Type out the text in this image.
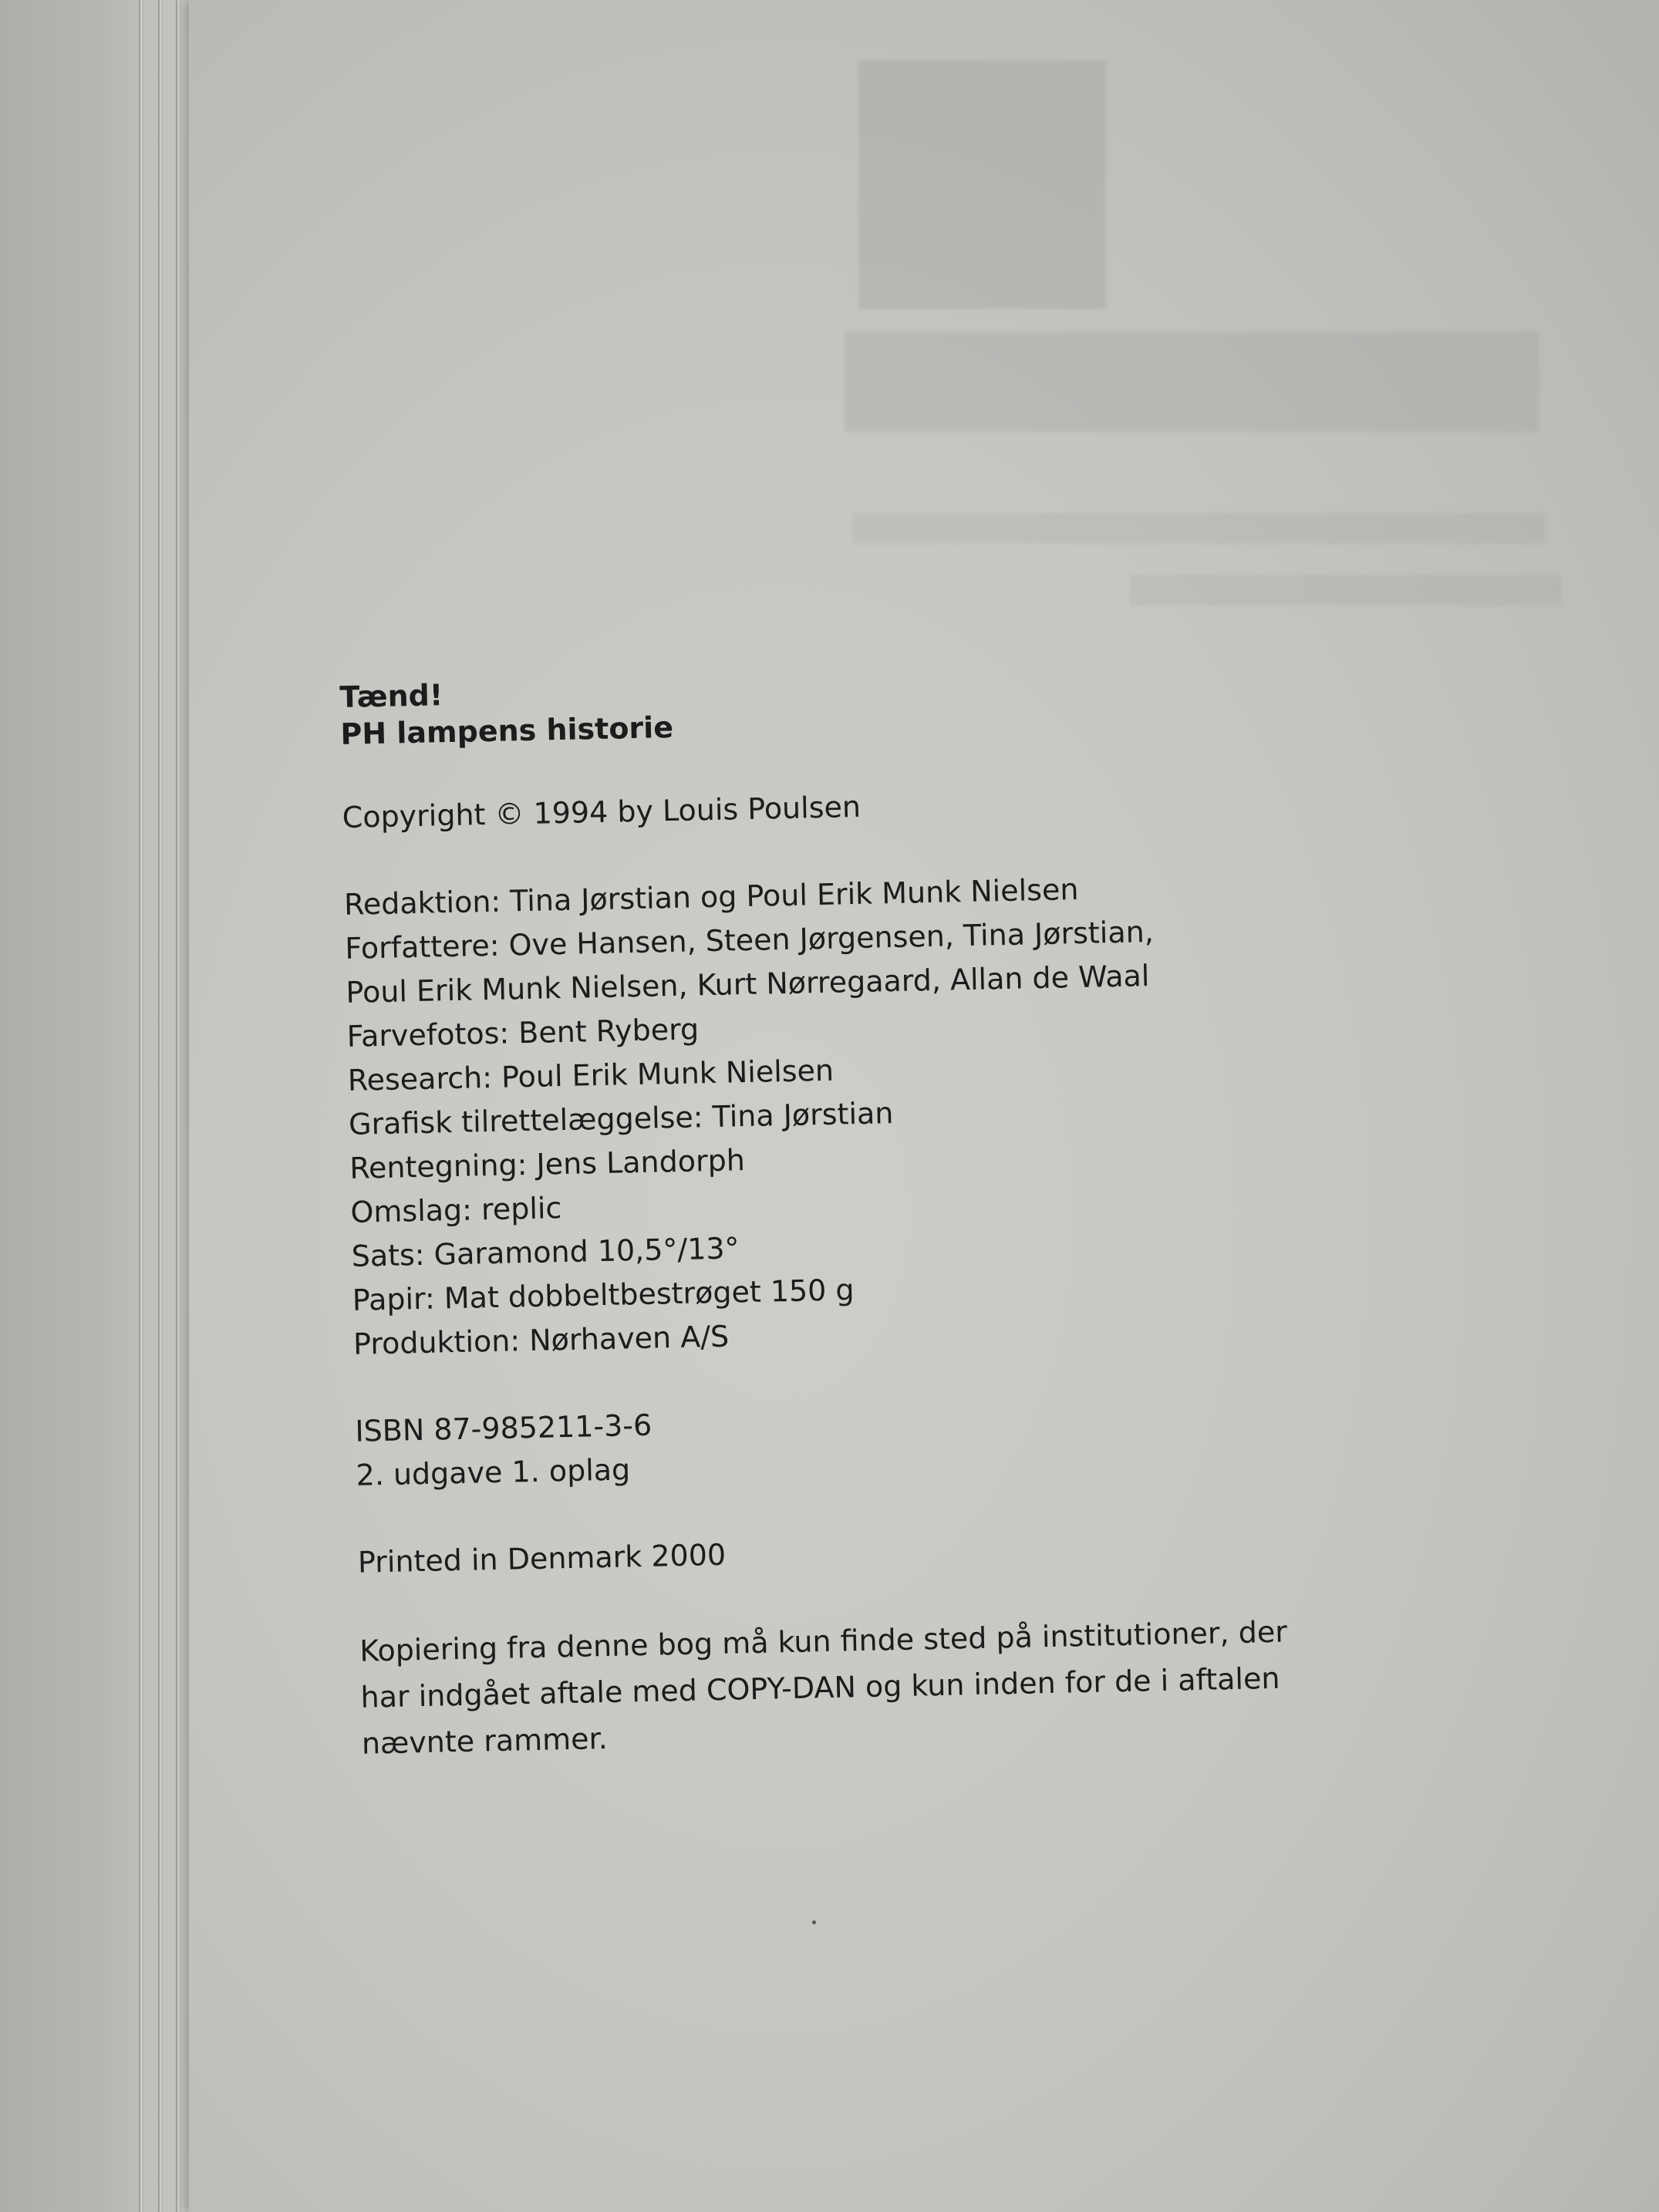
■

Tænd!

PH lampens historie

Copyright © 1994 by Louis Poulsen

Redaktion: Tina Jørstian og Poul Erik Munk Nielsen

Forfattere: Ove Hansen, Steen Jørgensen, Tina Jørstian,

Poul Erik Munk Nielsen, Kurt Nørregaard, Allan de Waal

Farvefotos: Bent Ryberg

Research: Poul Erik Munk Nielsen

Grafisk tilrettelæggelse: Tina Jørstian

Rentegning: Jens Landorph

Omslag: replic

Sats: Garamond 10,5°/13°

Papir: Mat dobbeltbestrøget 150 g

Produktion: Nørhaven A/S

ISBN 87-985211-3-6

2. udgave 1. oplag

Printed in Denmark 2000

Kopiering fra denne bog må kun finde sted på institutioner, der har indgået aftale med COPY-DAN og kun inden for de i aftalen nævnte rammer.
